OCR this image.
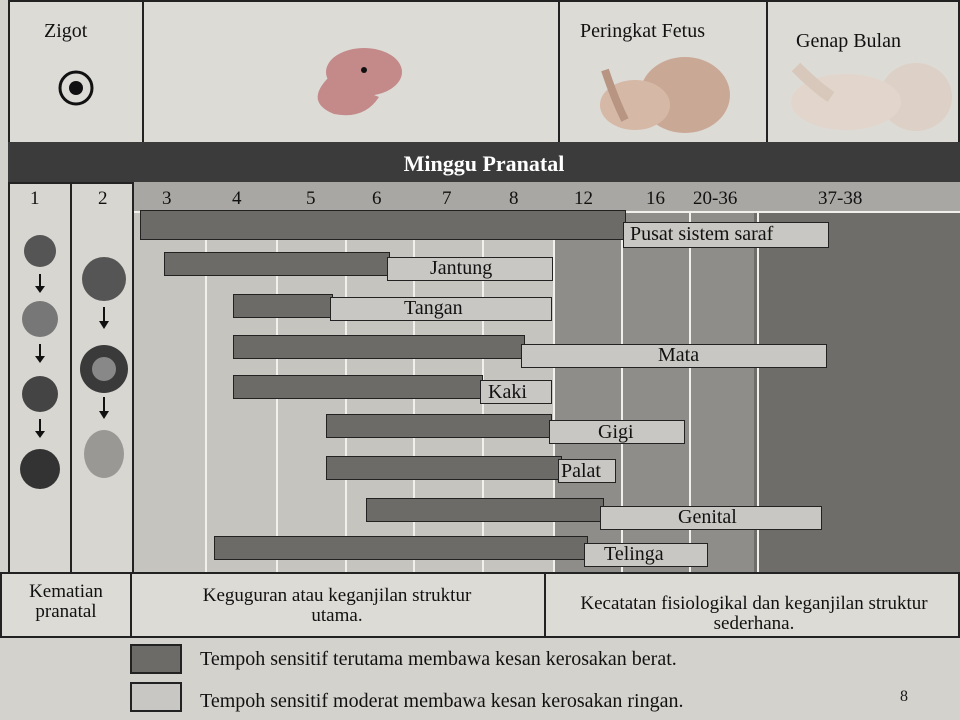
Zigot	Peringkat Fetus	Genap Bulan
Minggu Pranatal
1	2	3	4	5	6	7	8	12	16 20-36	37-38
Pusat sistem saraf
Jantung
Tangan
Mata
Kaki
Gigi
Palat
Genital
Telinga
Kematian pranatal
Keguguran atau keganjilan struktur utama.
Kecatatan fisiologikal dan keganjilan struktur sederhana.
Tempoh sensitif terutama membawa kesan kerosakan berat.
Tempoh sensitif moderat membawa kesan kerosakan ringan.	8
